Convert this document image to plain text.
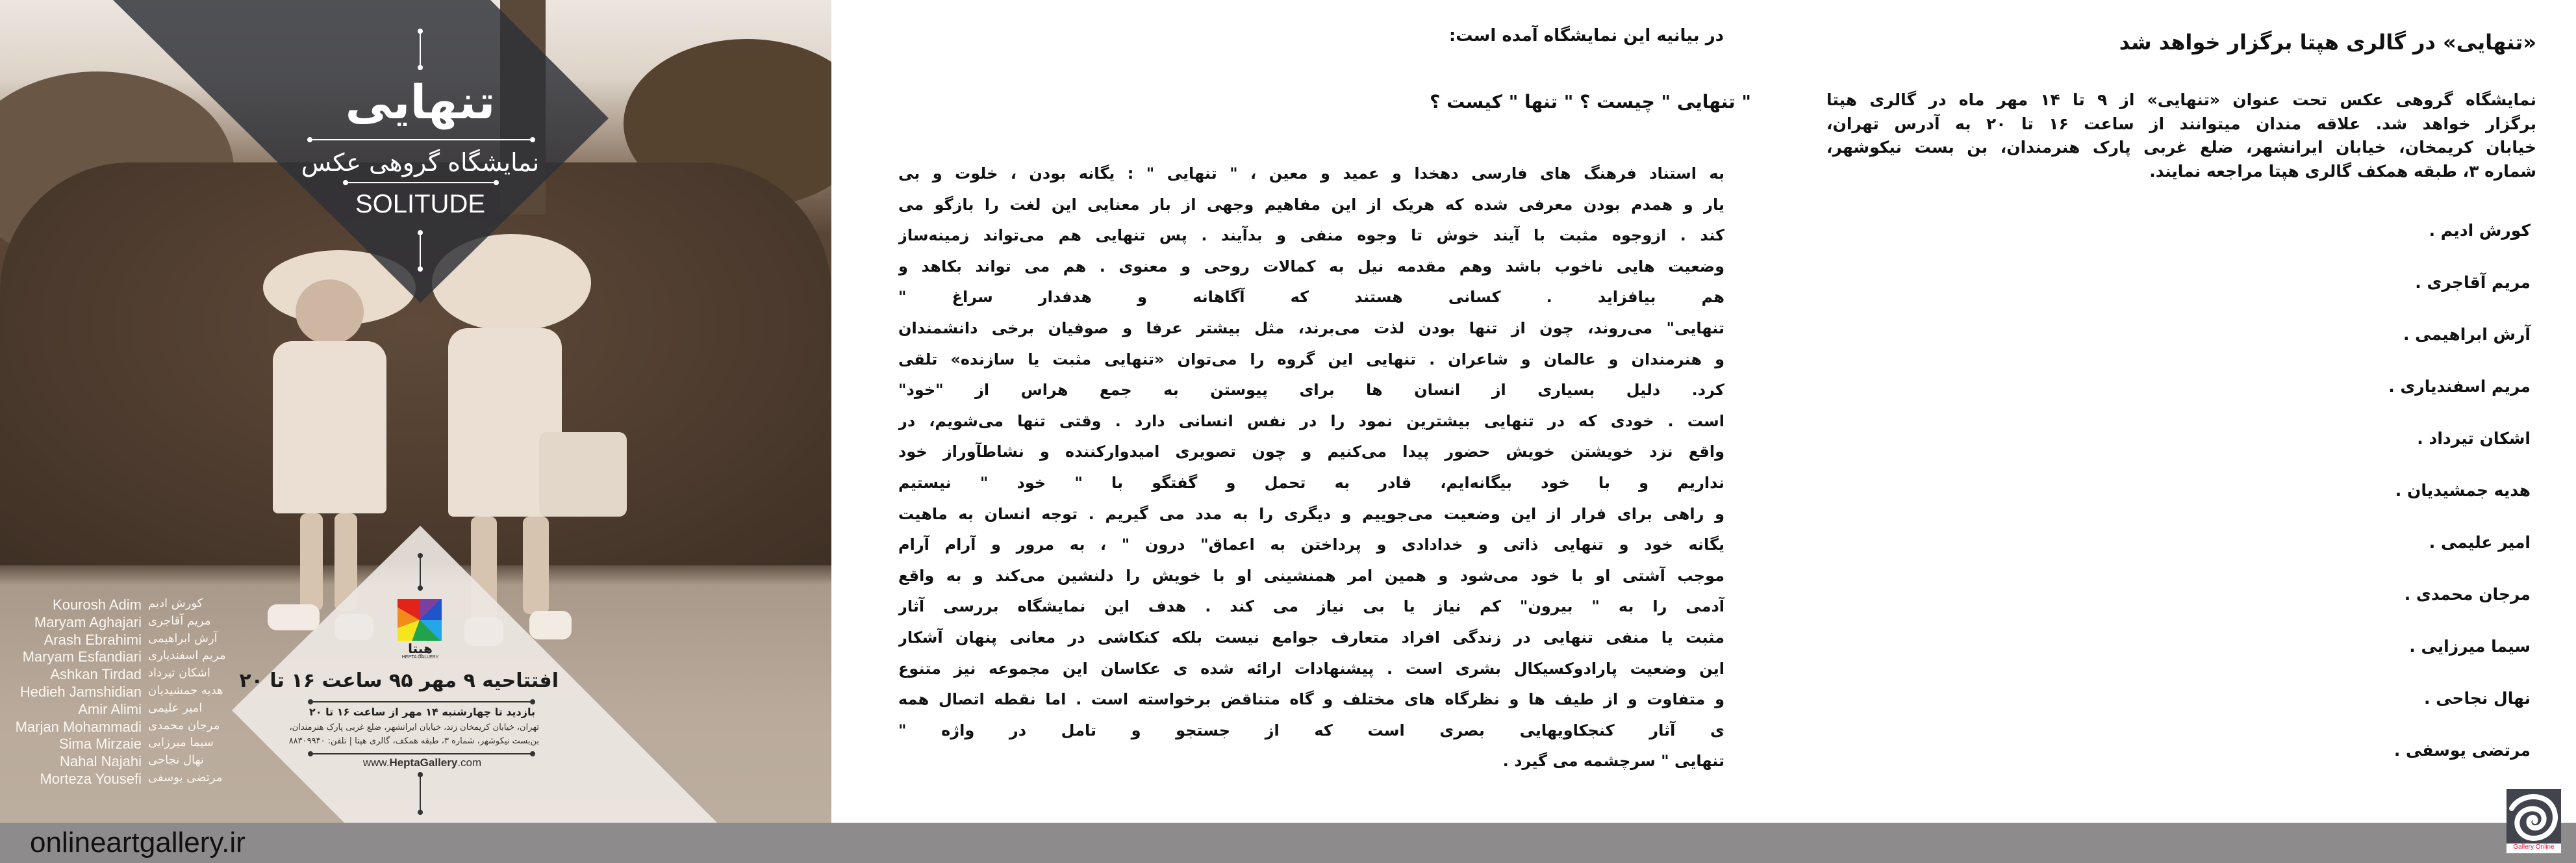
تنهایی
نمایشگاه گروهی عکس
SOLITUDE
Kourosh Adim کورش ادیم
Maryam Aghajari مریم آقاجری
Arash Ebrahimi آرش ابراهیمی
Maryam Esfandiari مریم اسفندیاری
Ashkan Tirdad اشکان تیرداد
Hedieh Jamshidian هدیه جمشیدیان
Amir Alimi امیر علیمی
Marjan Mohammadi مرجان محمدی
Sima Mirzaie سیما میرزایی
Nahal Najahi نهال نجاحی
Morteza Yousefi مرتضی یوسفی
هپتا
HEPTA GALLERY
افتتاحیه ۹ مهر ۹۵ ساعت ۱۶ تا ۲۰
بازدید تا چهارشنبه ۱۴ مهر از ساعت ۱۶ تا ۲۰
تهران، خیابان کریمخان زند، خیابان ایرانشهر، ضلع غربی پارک هنرمندان،
بن‌بست نیکوشهر، شماره ۳، طبقه همکف، گالری هپتا | تلفن: ۸۸۳۰۹۹۴۰
www.HeptaGallery.com
onlineartgallery.ir	Gallery Online
در بیانیه این نمایشگاه آمده است:
" تنهایی " چیست ؟ " تنها " کیست ؟
به استناد فرهنگ های فارسی دهخدا و عمید و معین ، " تنهایی " : یگانه بودن ، خلوت و بی
یار و همدم بودن معرفی شده که هریک از این مفاهیم وجهی از بار معنایی این لغت را بازگو می
کند . ازوجوه مثبت با آیند خوش تا وجوه منفی و بدآیند . پس تنهایی هم می‌تواند زمینه‌ساز
وضعیت هایی ناخوب باشد وهم مقدمه نیل به کمالات روحی و معنوی . هم می تواند بکاهد و
هم بیافزاید . کسانی هستند که آگاهانه و هدفدار سراغ "
تنهایی" می‌روند، چون از تنها بودن لذت می‌برند، مثل بیشتر عرفا و صوفیان برخی دانشمندان
و هنرمندان و عالمان و شاعران . تنهایی این گروه را می‌توان «تنهایی مثبت یا سازنده» تلقی
کرد. دلیل بسیاری از انسان ها برای پیوستن به جمع هراس از "خود"
است . خودی که در تنهایی بیشترین نمود را در نفس انسانی دارد . وقتی تنها می‌شویم، در
واقع نزد خویشتن خویش حضور پیدا می‌کنیم و چون تصویری امیدوارکننده و نشاطآوراز خود
نداریم و با خود بیگانه‌ایم، قادر به تحمل و گفتگو با " خود " نیستیم
و راهی برای فرار از این وضعیت می‌جوییم و دیگری را به مدد می گیریم . توجه انسان به ماهیت
یگانه خود و تنهایی ذاتی و خدادادی و پرداختن به اعماق" درون " ، به مرور و آرام آرام
موجب آشتی او با خود می‌شود و همین امر همنشینی او با خویش را دلنشین می‌کند و به واقع
آدمی را به " بیرون" کم نیاز یا بی نیاز می کند . هدف این نمایشگاه بررسی آثار
مثبت یا منفی تنهایی در زندگی افراد متعارف جوامع نیست بلکه کنکاشی در معانی پنهان آشکار
این وضعیت پارادوکسیکال بشری است . پیشنهادات ارائه شده ی عکاسان این مجموعه نیز متنوع
و متفاوت و از طیف ها و نظرگاه های مختلف و گاه متناقض برخواسته است . اما نقطه اتصال همه
ی آثار کنجکاویهایی بصری است که از جستجو و تامل در واژه "
تنهایی " سرچشمه می گیرد .
«تنهایی» در گالری هپتا برگزار خواهد شد
نمایشگاه گروهی عکس تحت عنوان «تنهایی» از ۹ تا ۱۴ مهر ماه در گالری هپتا
برگزار خواهد شد. علاقه مندان میتوانند از ساعت ۱۶ تا ۲۰ به آدرس تهران،
خیابان کریمخان، خیابان ایرانشهر، ضلع غربی پارک هنرمندان، بن بست نیکوشهر،
شماره ۳، طبقه همکف گالری هپتا مراجعه نمایند.
کورش ادیم .
مریم آقاجری .
آرش ابراهیمی .
مریم اسفندیاری .
اشکان تیرداد .
هدیه جمشیدیان .
امیر علیمی .
مرجان محمدی .
سیما میرزایی .
نهال نجاحی .
مرتضی یوسفی .
